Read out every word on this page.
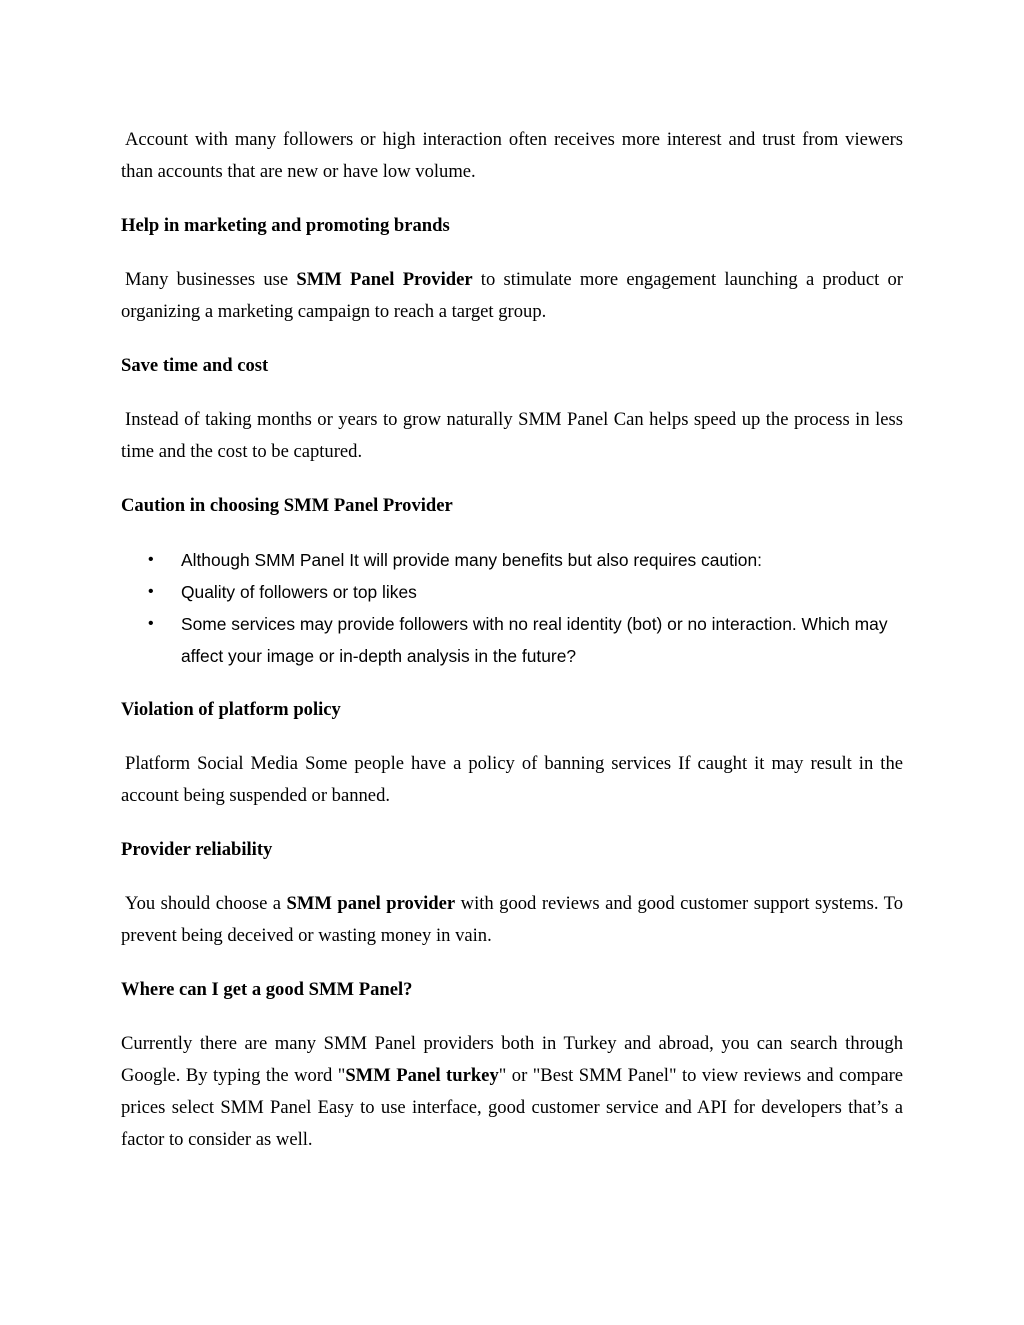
Account with many followers or high interaction often receives more interest and trust from viewers than accounts that are new or have low volume.

Help in marketing and promoting brands

Many businesses use SMM Panel Provider to stimulate more engagement launching a product or organizing a marketing campaign to reach a target group.

Save time and cost

Instead of taking months or years to grow naturally SMM Panel Can helps speed up the process in less time and the cost to be captured.

Caution in choosing SMM Panel Provider
• Although SMM Panel It will provide many benefits but also requires caution:
• Quality of followers or top likes
• Some services may provide followers with no real identity (bot) or no interaction. Which may affect your image or in-depth analysis in the future?
Violation of platform policy

Platform Social Media Some people have a policy of banning services If caught it may result in the account being suspended or banned.

Provider reliability

You should choose a SMM panel provider with good reviews and good customer support systems. To prevent being deceived or wasting money in vain.

Where can I get a good SMM Panel?

Currently there are many SMM Panel providers both in Turkey and abroad, you can search through Google. By typing the word "SMM Panel turkey" or "Best SMM Panel" to view reviews and compare prices select SMM Panel Easy to use interface, good customer service and API for developers that’s a factor to consider as well.
